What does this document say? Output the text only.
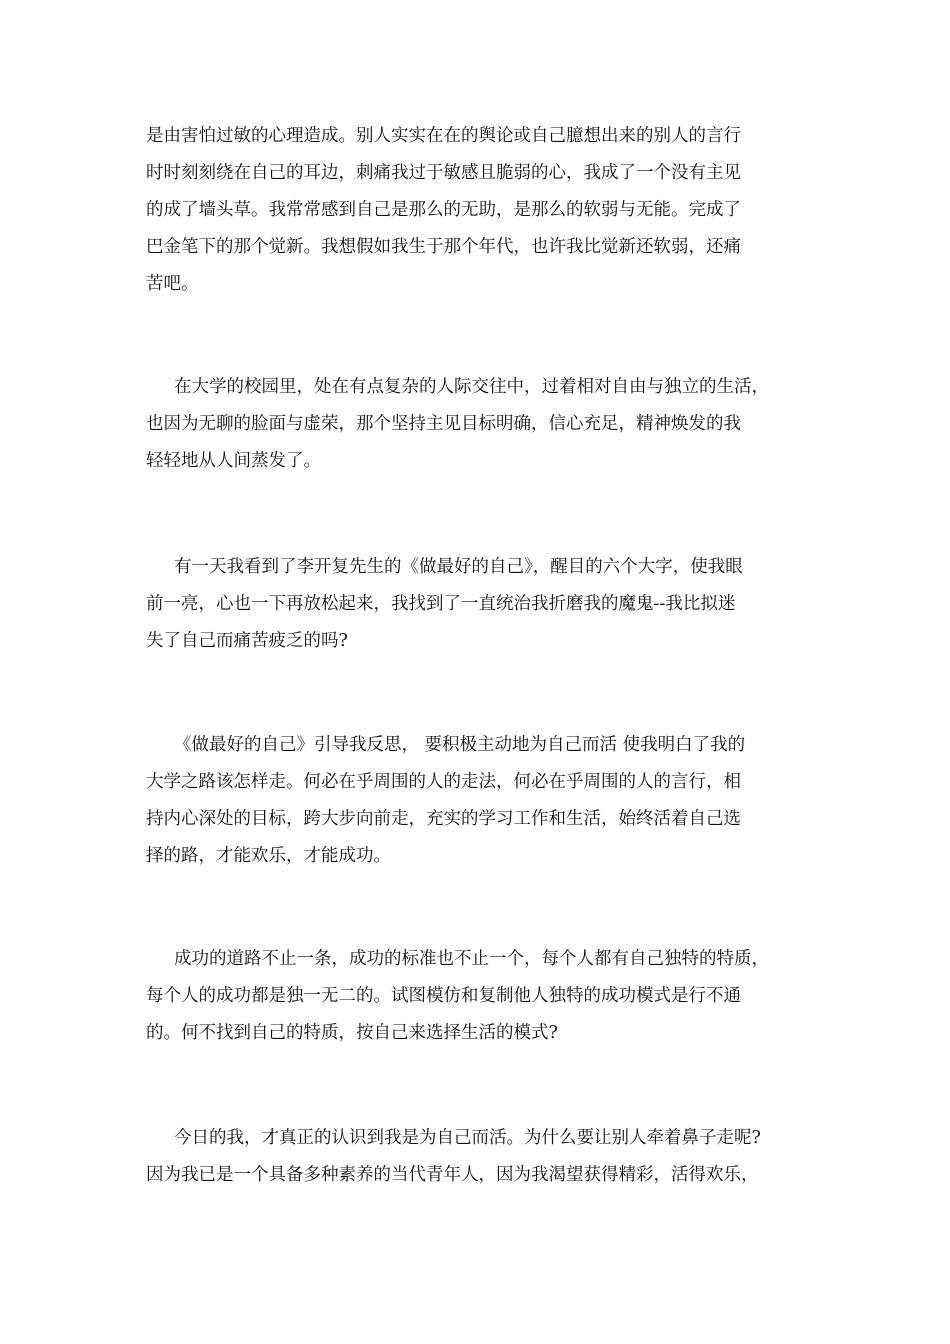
是由害怕过敏的心理造成。别人实实在在的舆论或自己臆想出来的别人的言行
时时刻刻绕在自己的耳边，刺痛我过于敏感且脆弱的心，我成了一个没有主见
的成了墙头草。我常常感到自己是那么的无助，是那么的软弱与无能。完成了
巴金笔下的那个觉新。我想假如我生于那个年代，也许我比觉新还软弱，还痛
苦吧。
在大学的校园里，处在有点复杂的人际交往中，过着相对自由与独立的生活，
也因为无聊的脸面与虚荣，那个坚持主见目标明确，信心充足，精神焕发的我
轻轻地从人间蒸发了。
有一天我看到了李开复先生的《做最好的自己》，醒目的六个大字，使我眼
前一亮，心也一下再放松起来，我找到了一直统治我折磨我的魔鬼--我比拟迷
失了自己而痛苦疲乏的吗?
《做最好的自己》引导我反思， 要积极主动地为自己而活 使我明白了我的
大学之路该怎样走。何必在乎周围的人的走法，何必在乎周围的人的言行，相
持内心深处的目标，跨大步向前走，充实的学习工作和生活，始终活着自己选
择的路，才能欢乐，才能成功。
成功的道路不止一条，成功的标准也不止一个，每个人都有自己独特的特质，
每个人的成功都是独一无二的。试图模仿和复制他人独特的成功模式是行不通
的。何不找到自己的特质，按自己来选择生活的模式?
今日的我，才真正的认识到我是为自己而活。为什么要让别人牵着鼻子走呢?
因为我已是一个具备多种素养的当代青年人，因为我渴望获得精彩，活得欢乐，
